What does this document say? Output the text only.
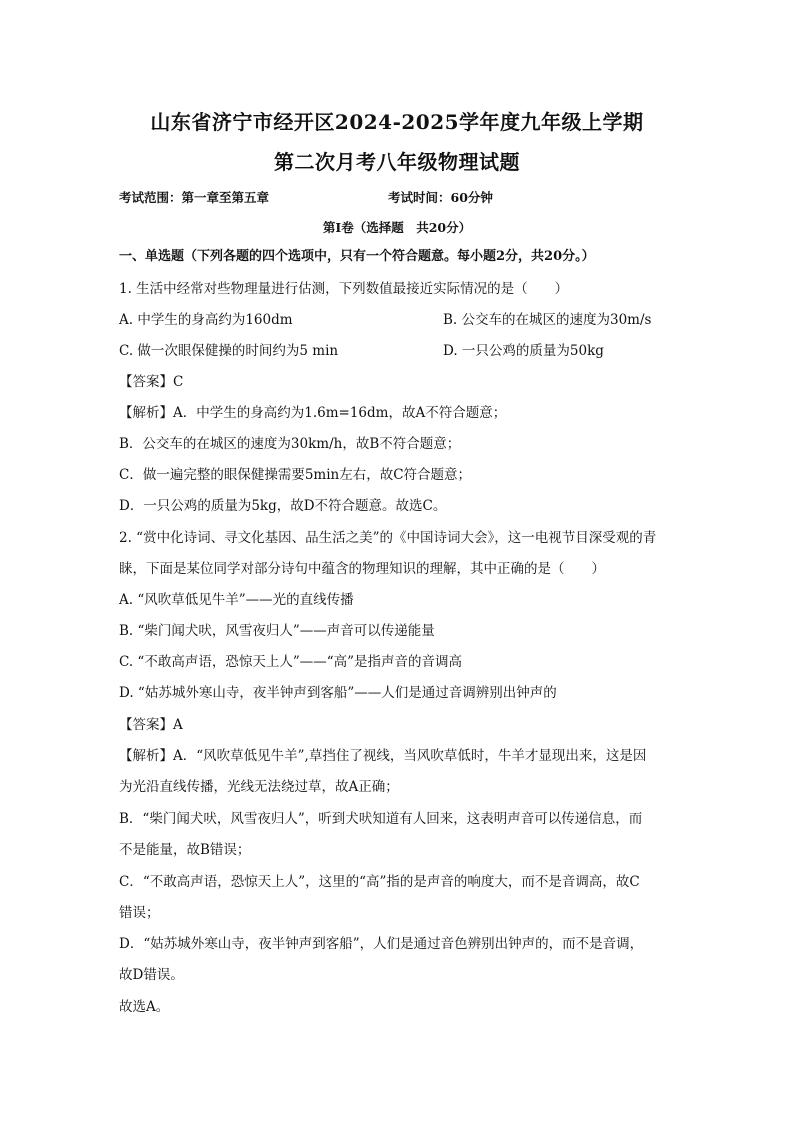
山东省济宁市经开区2024-2025学年度九年级上学期
第二次月考八年级物理试题
考试范围：第一章至第五章	考试时间：60分钟
第Ⅰ卷（选择题　共20分）

一、单选题（下列各题的四个选项中，只有一个符合题意。每小题2分，共20分。）

1. 生活中经常对些物理量进行估测，下列数值最接近实际情况的是（　　）

A. 中学生的身高约为160dm	B. 公交车的在城区的速度为30m/s
C. 做一次眼保健操的时间约为5 min	D. 一只公鸡的质量为50kg

【答案】C

【解析】A．中学生的身高约为1.6m=16dm，故A不符合题意；

B．公交车的在城区的速度为30km/h，故B不符合题意；

C．做一遍完整的眼保健操需要5min左右，故C符合题意；

D．一只公鸡的质量为5kg，故D不符合题意。故选C。

2. “赏中化诗词、寻文化基因、品生活之美”的《中国诗词大会》，这一电视节目深受观的青

睐，下面是某位同学对部分诗句中蕴含的物理知识的理解，其中正确的是（　　）

A. “风吹草低见牛羊”——光的直线传播

B. “柴门闻犬吠，风雪夜归人”——声音可以传递能量

C. “不敢高声语，恐惊天上人”——“高”是指声音的音调高

D. “姑苏城外寒山寺，夜半钟声到客船”——人们是通过音调辨别出钟声的

【答案】A

【解析】A．“风吹草低见牛羊”,草挡住了视线，当风吹草低时，牛羊才显现出来，这是因

为光沿直线传播，光线无法绕过草，故A正确；

B．“柴门闻犬吠，风雪夜归人”，听到犬吠知道有人回来，这表明声音可以传递信息，而

不是能量，故B错误；

C．“不敢高声语，恐惊天上人”，这里的“高”指的是声音的响度大，而不是音调高，故C

错误；

D．“姑苏城外寒山寺，夜半钟声到客船”，人们是通过音色辨别出钟声的，而不是音调，

故D错误。

故选A。
